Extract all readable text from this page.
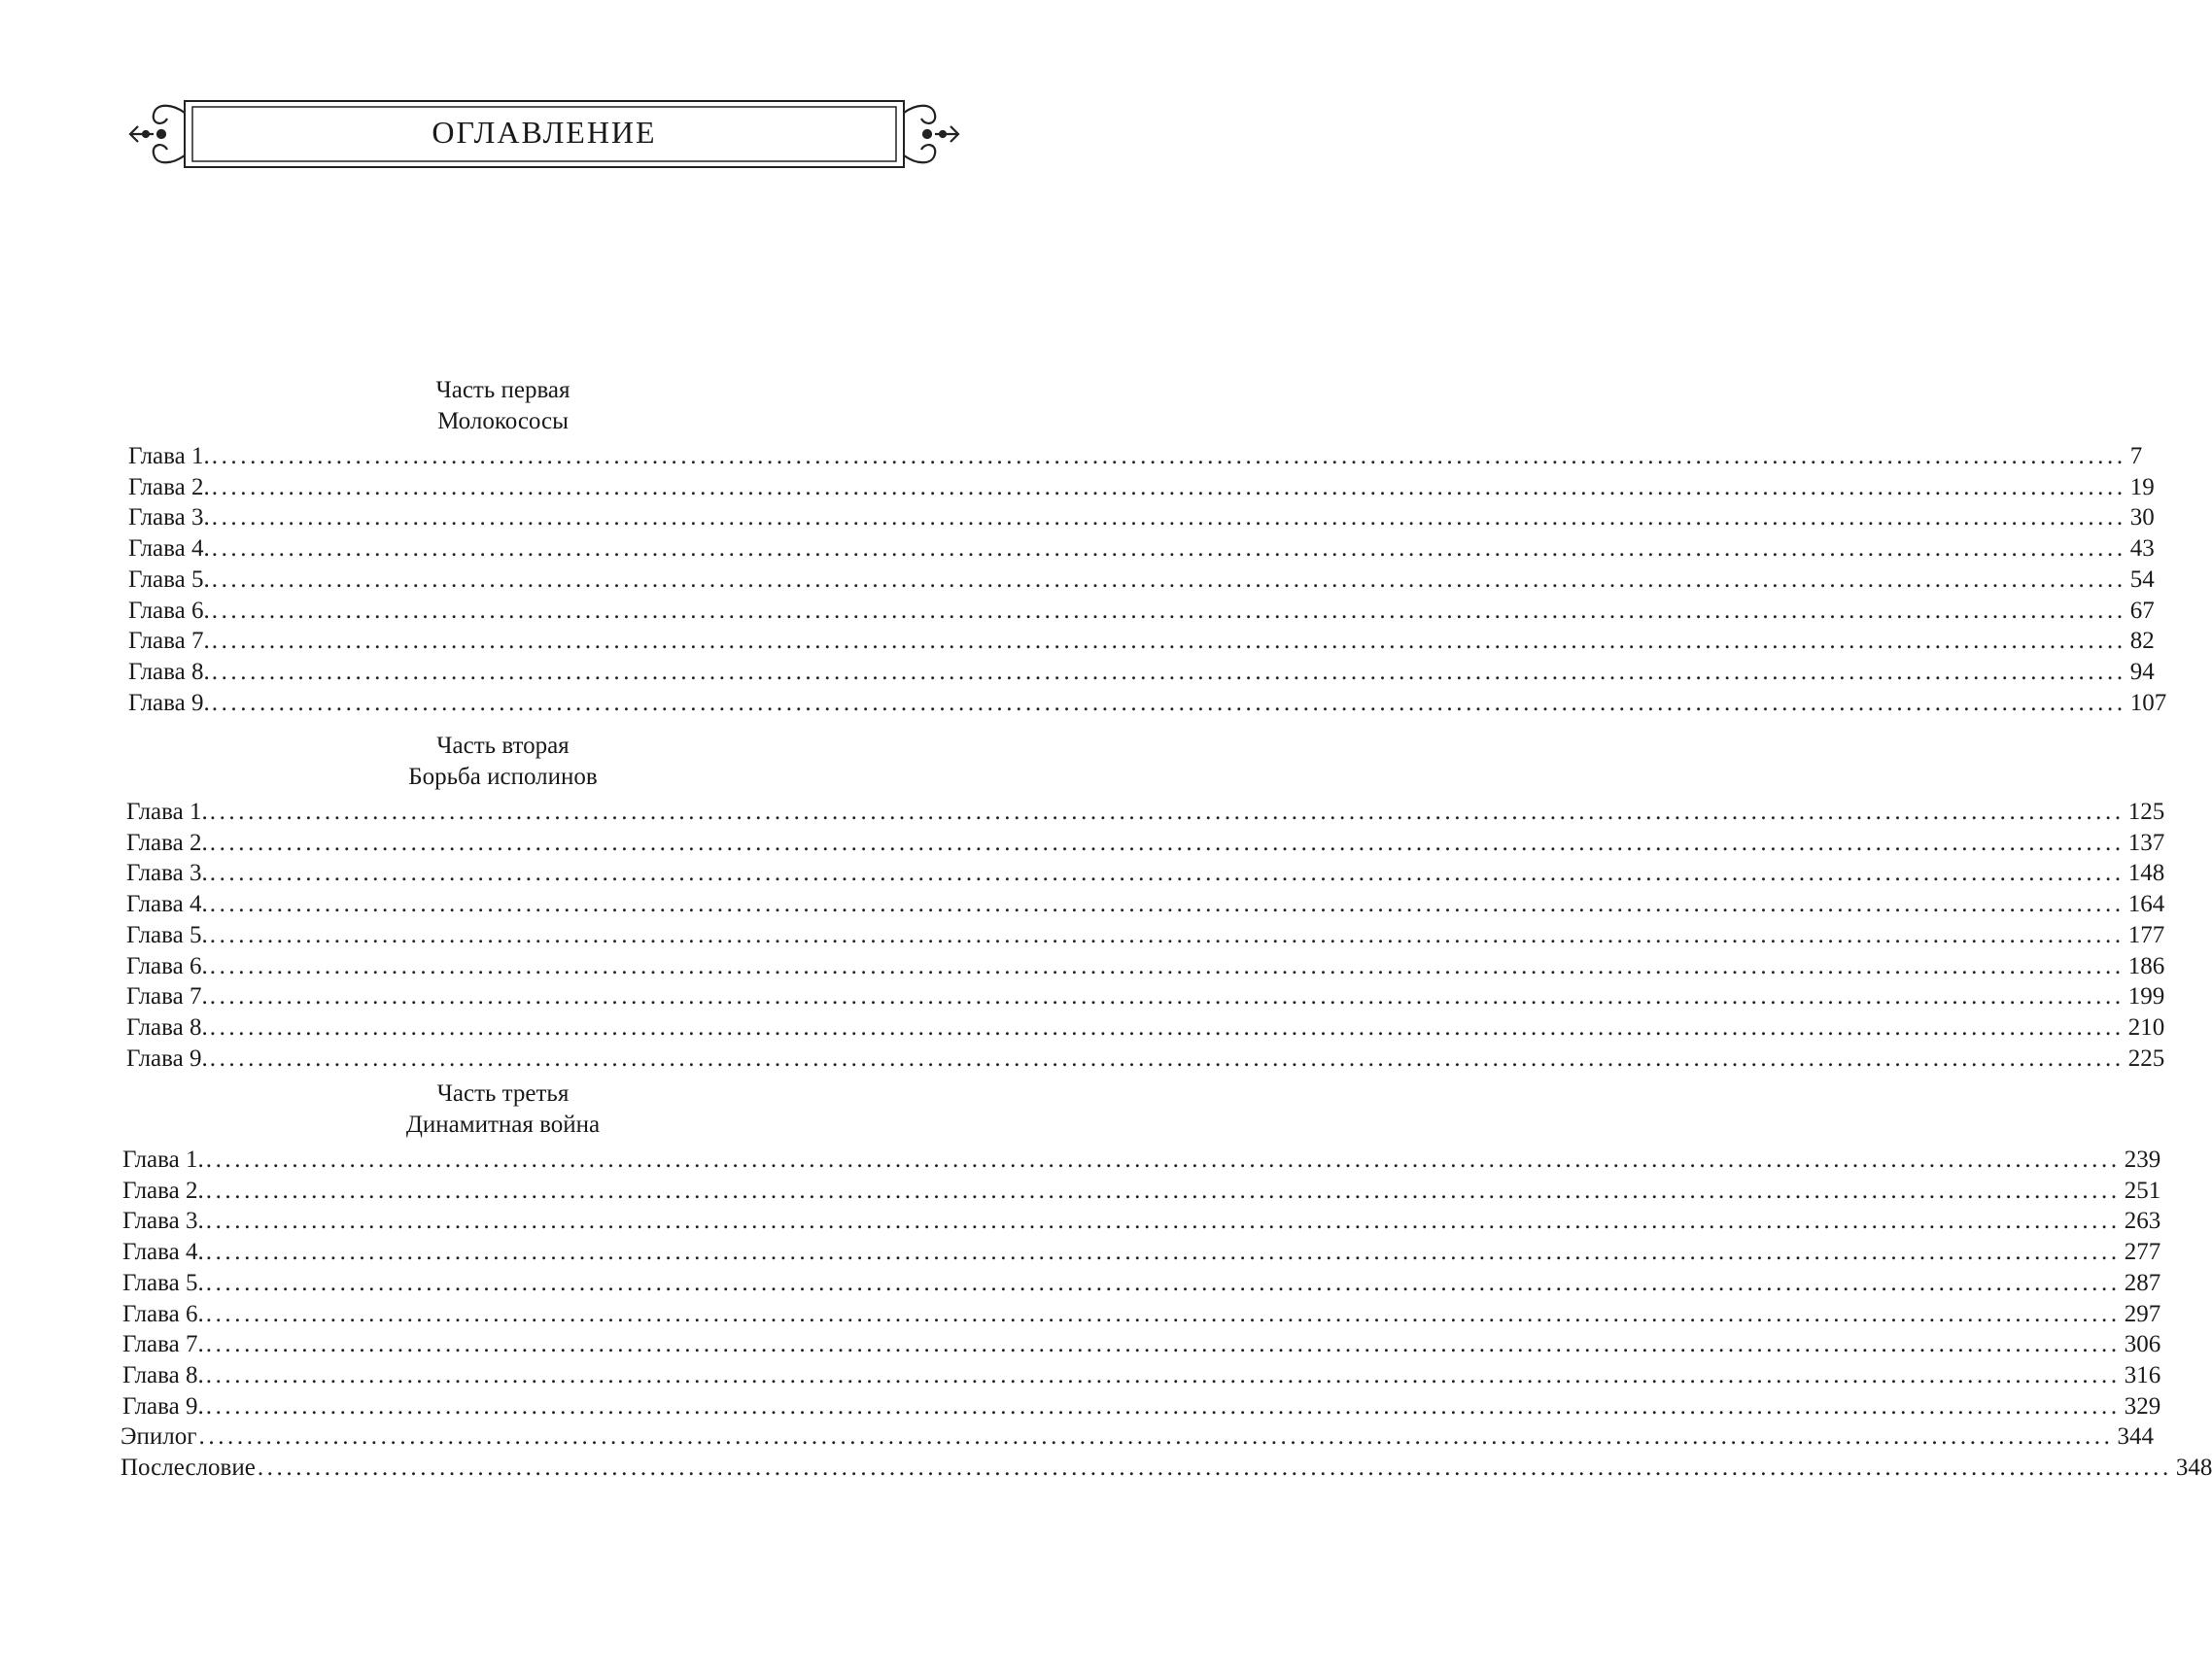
ОГЛАВЛЕНИЕ
Часть первая
Молокососы
Глава 1. ........................................................................................................................................................................................................ 7
Глава 2. ........................................................................................................................................................................................................ 19
Глава 3. ........................................................................................................................................................................................................ 30
Глава 4. ........................................................................................................................................................................................................ 43
Глава 5. ........................................................................................................................................................................................................ 54
Глава 6. ........................................................................................................................................................................................................ 67
Глава 7. ........................................................................................................................................................................................................ 82
Глава 8. ........................................................................................................................................................................................................ 94
Глава 9. ........................................................................................................................................................................................................ 107
Часть вторая
Борьба исполинов
Глава 1. ........................................................................................................................................................................................................ 125
Глава 2. ........................................................................................................................................................................................................ 137
Глава 3. ........................................................................................................................................................................................................ 148
Глава 4. ........................................................................................................................................................................................................ 164
Глава 5. ........................................................................................................................................................................................................ 177
Глава 6. ........................................................................................................................................................................................................ 186
Глава 7. ........................................................................................................................................................................................................ 199
Глава 8. ........................................................................................................................................................................................................ 210
Глава 9. ........................................................................................................................................................................................................ 225
Часть третья
Динамитная война
Глава 1. ........................................................................................................................................................................................................ 239
Глава 2. ........................................................................................................................................................................................................ 251
Глава 3. ........................................................................................................................................................................................................ 263
Глава 4. ........................................................................................................................................................................................................ 277
Глава 5. ........................................................................................................................................................................................................ 287
Глава 6. ........................................................................................................................................................................................................ 297
Глава 7. ........................................................................................................................................................................................................ 306
Глава 8. ........................................................................................................................................................................................................ 316
Глава 9. ........................................................................................................................................................................................................ 329
Эпилог ........................................................................................................................................................................................................ 344
Послесловие ........................................................................................................................................................................................................ 348
